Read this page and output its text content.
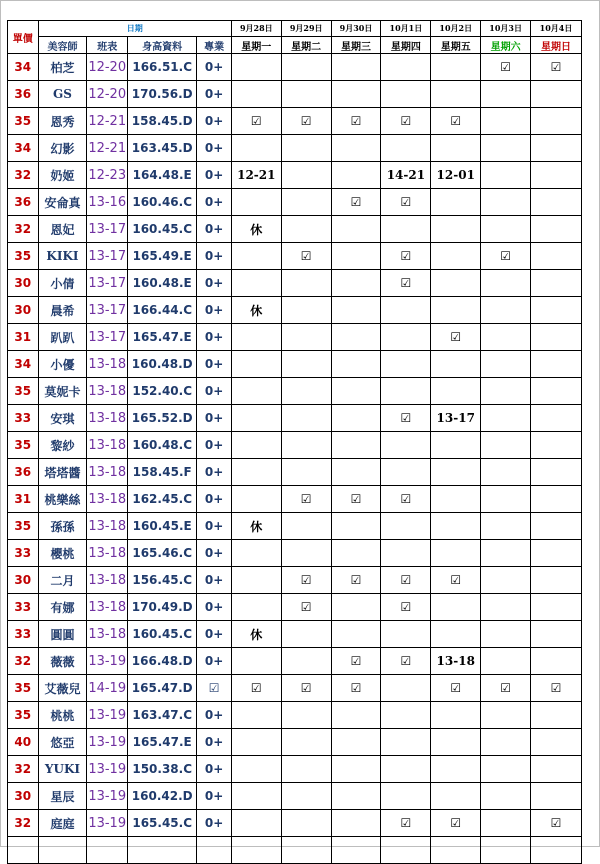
單價	日期				9月28日	9月29日	9月30日	10月1日	10月2日	10月3日	10月4日
	美容師	班表	身高資料	專業	星期一	星期二	星期三	星期四	星期五	星期六	星期日
34	柏芝	12-20	166.51.C	0+						☑	☑
36	GS	12-20	170.56.D	0+							
35	恩秀	12-21	158.45.D	0+	☑	☑	☑	☑	☑		
34	幻影	12-21	163.45.D	0+							
32	奶姬	12-23	164.48.E	0+	12-21			14-21	12-01		
36	安侖真	13-16	160.46.C	0+			☑	☑			
32	恩妃	13-17	160.45.C	0+	休						
35	KIKI	13-17	165.49.E	0+		☑		☑		☑	
30	小倩	13-17	160.48.E	0+				☑			
30	晨希	13-17	166.44.C	0+	休						
31	趴趴	13-17	165.47.E	0+					☑		
34	小優	13-18	160.48.D	0+							
35	莫妮卡	13-18	152.40.C	0+							
33	安琪	13-18	165.52.D	0+				☑	13-17		
35	黎紗	13-18	160.48.C	0+							
36	塔塔醬	13-18	158.45.F	0+							
31	桃樂絲	13-18	162.45.C	0+		☑	☑	☑			
35	孫孫	13-18	160.45.E	0+	休						
33	櫻桃	13-18	165.46.C	0+							
30	二月	13-18	156.45.C	0+		☑	☑	☑	☑		
33	有娜	13-18	170.49.D	0+		☑		☑			
33	圓圓	13-18	160.45.C	0+	休						
32	薇薇	13-19	166.48.D	0+			☑	☑	13-18		
35	艾薇兒	14-19	165.47.D	☑	☑	☑	☑		☑	☑	☑
35	桃桃	13-19	163.47.C	0+							
40	悠亞	13-19	165.47.E	0+							
32	YUKI	13-19	150.38.C	0+							
30	星辰	13-19	160.42.D	0+							
32	庭庭	13-19	165.45.C	0+				☑	☑		☑
